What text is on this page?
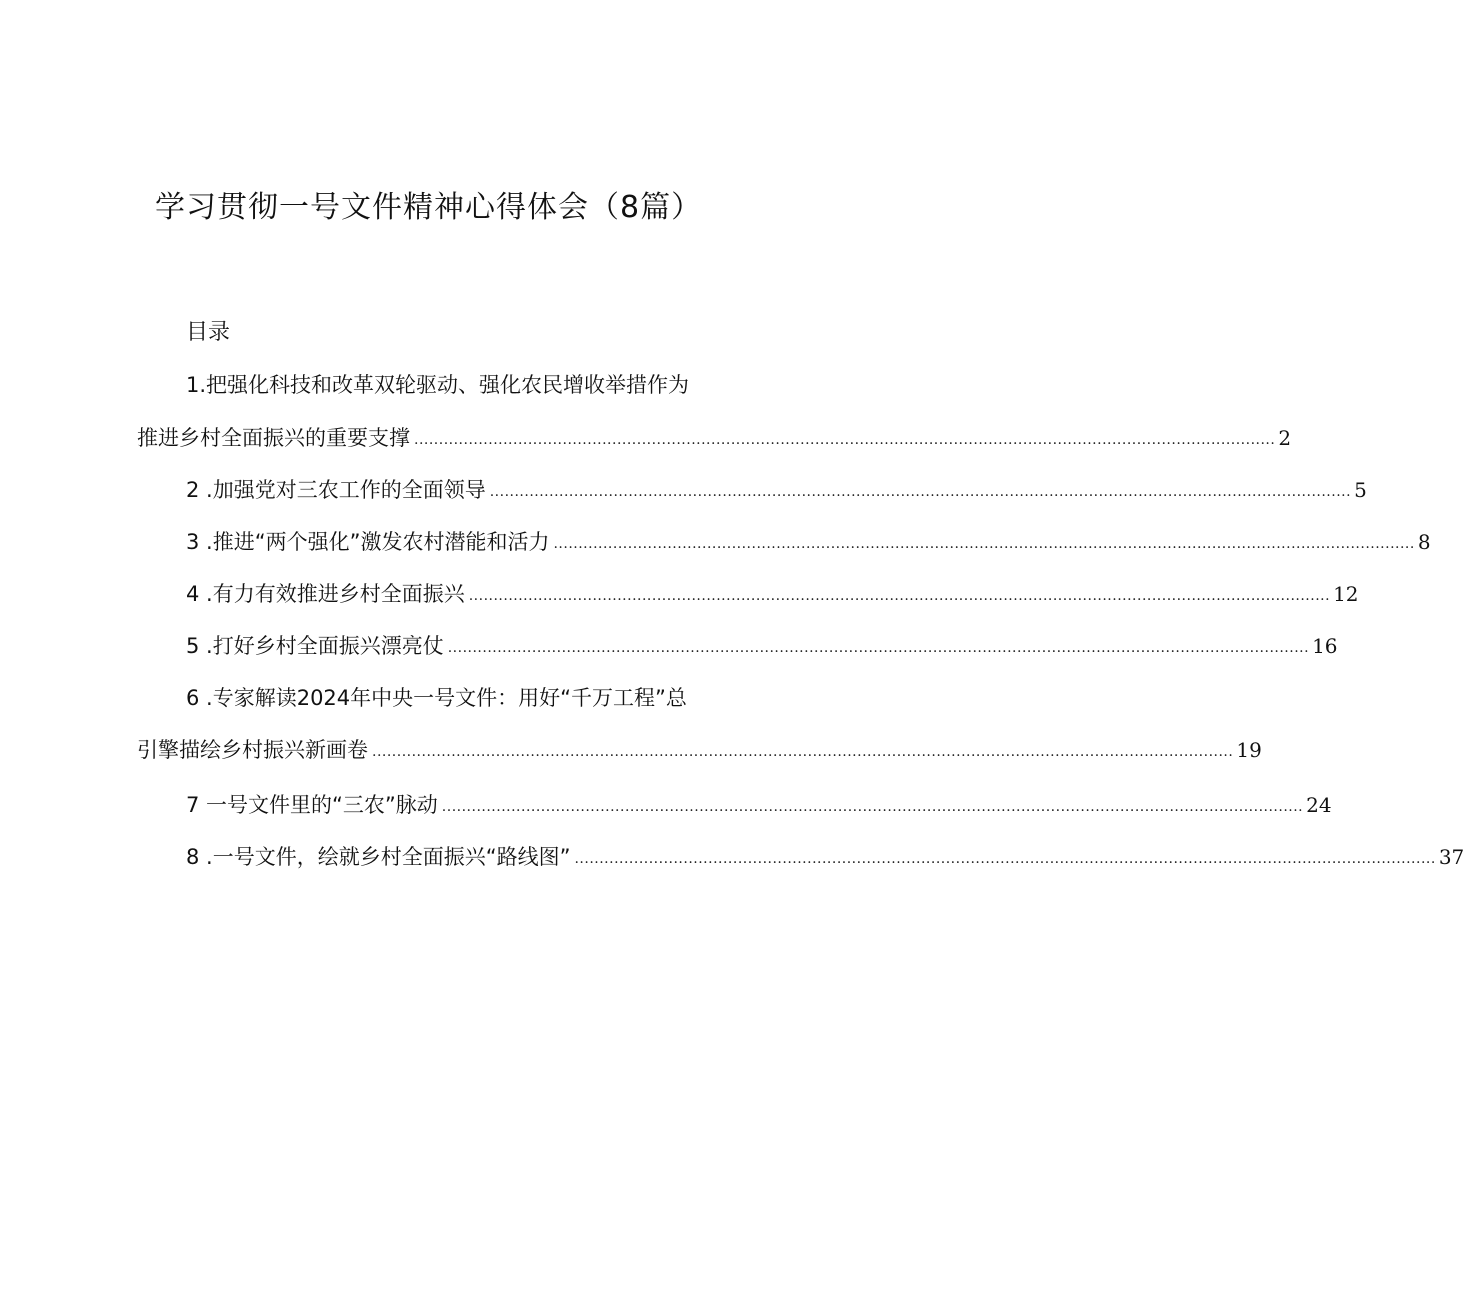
学习贯彻一号文件精神心得体会（8篇）
目录
1.把强化科技和改革双轮驱动、强化农民增收举措作为
推进乡村全面振兴的重要支撑 .............................................................................................................................................................................. 2
2 .加强党对三农工作的全面领导 .............................................................................................................................................................................. 5
3 .推进“两个强化”激发农村潜能和活力 .............................................................................................................................................................................. 8
4 .有力有效推进乡村全面振兴 .............................................................................................................................................................................. 12
5 .打好乡村全面振兴漂亮仗 .............................................................................................................................................................................. 16
6 .专家解读2024年中央一号文件：用好“千万工程”总
引擎描绘乡村振兴新画卷 .............................................................................................................................................................................. 19
7 一号文件里的“三农”脉动 .............................................................................................................................................................................. 24
8 .一号文件，绘就乡村全面振兴“路线图” .............................................................................................................................................................................. 37
